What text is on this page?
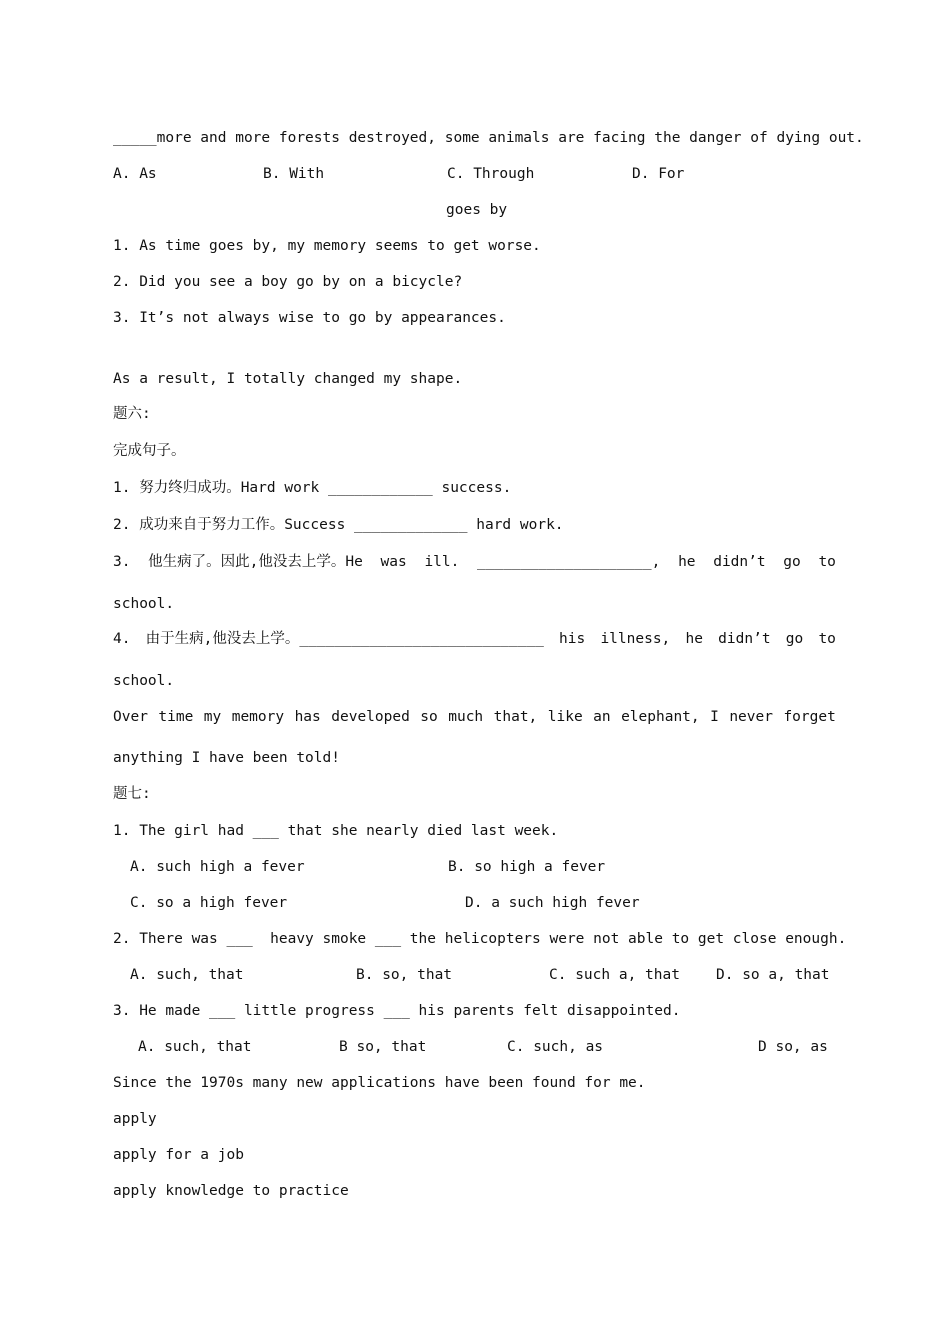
_____more and more forests destroyed, some animals are facing the danger of dying out.
A. As	B. With	C. Through	D. For
goes by
1. As time goes by, my memory seems to get worse.
2. Did you see a boy go by on a bicycle?
3. It’s not always wise to go by appearances.
As a result, I totally changed my shape.
题六:
完成句子。
1. 努力终归成功。Hard work ____________ success.
2. 成功来自于努力工作。Success _____________ hard work.
3. 他生病了。因此,他没去上学。He was ill. ____________________, he didn’t go to
school.
4. 由于生病,他没去上学。____________________________ his illness, he didn’t go to
school.
Over time my memory has developed so much that, like an elephant, I never forget
anything I have been told!
题七:
1. The girl had ___ that she nearly died last week.
A. such high a fever	B. so high a fever
C. so a high fever	D. a such high fever
2. There was ___  heavy smoke ___ the helicopters were not able to get close enough.
A. such, that	B. so, that	C. such a, that D. so a, that
3. He made ___ little progress ___ his parents felt disappointed.
A. such, that	B so, that	C. such, as	D so, as
Since the 1970s many new applications have been found for me.
apply
apply for a job
apply knowledge to practice
